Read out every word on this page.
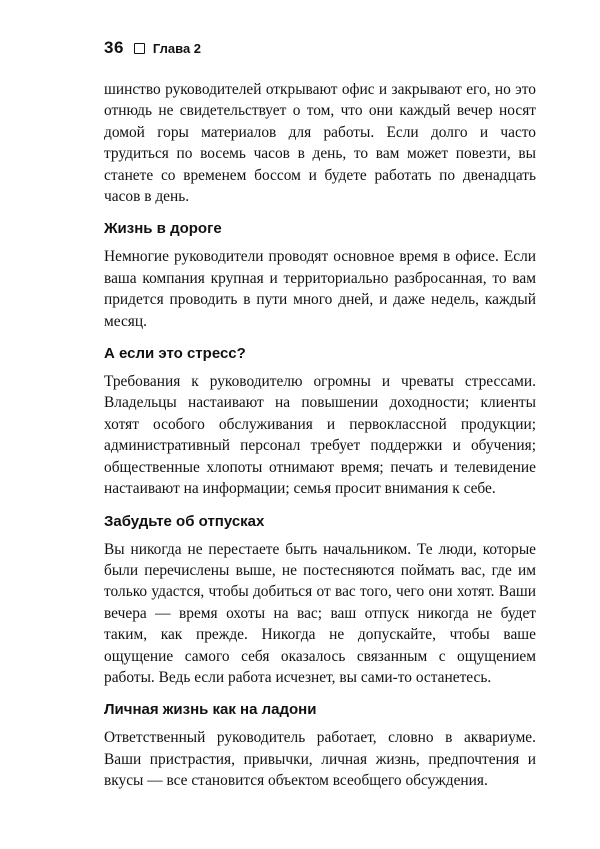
36 Глава 2

шинство руководителей открывают офис и закрывают его, но это отнюдь не свидетельствует о том, что они каждый вечер носят домой горы материалов для работы. Если долго и часто трудиться по восемь часов в день, то вам может повезти, вы станете со временем боссом и будете работать по двенадцать часов в день.

Жизнь в дороге

Немногие руководители проводят основное время в офисе. Если ваша компания крупная и территориально разбросанная, то вам придется проводить в пути много дней, и даже недель, каждый месяц.

А если это стресс?

Требования к руководителю огромны и чреваты стрессами. Владельцы настаивают на повышении доходности; клиенты хотят особого обслуживания и первоклассной продукции; административный персонал требует поддержки и обучения; общественные хлопоты отнимают время; печать и телевидение настаивают на информации; семья просит внимания к себе.

Забудьте об отпусках

Вы никогда не перестаете быть начальником. Те люди, которые были перечислены выше, не постесняются поймать вас, где им только удастся, чтобы добиться от вас того, чего они хотят. Ваши вечера — время охоты на вас; ваш отпуск никогда не будет таким, как прежде. Никогда не допускайте, чтобы ваше ощущение самого себя оказалось связанным с ощущением работы. Ведь если работа исчезнет, вы сами-то останетесь.

Личная жизнь как на ладони

Ответственный руководитель работает, словно в аквариуме. Ваши пристрастия, привычки, личная жизнь, предпочтения и вкусы — все становится объектом всеобщего обсуждения.
